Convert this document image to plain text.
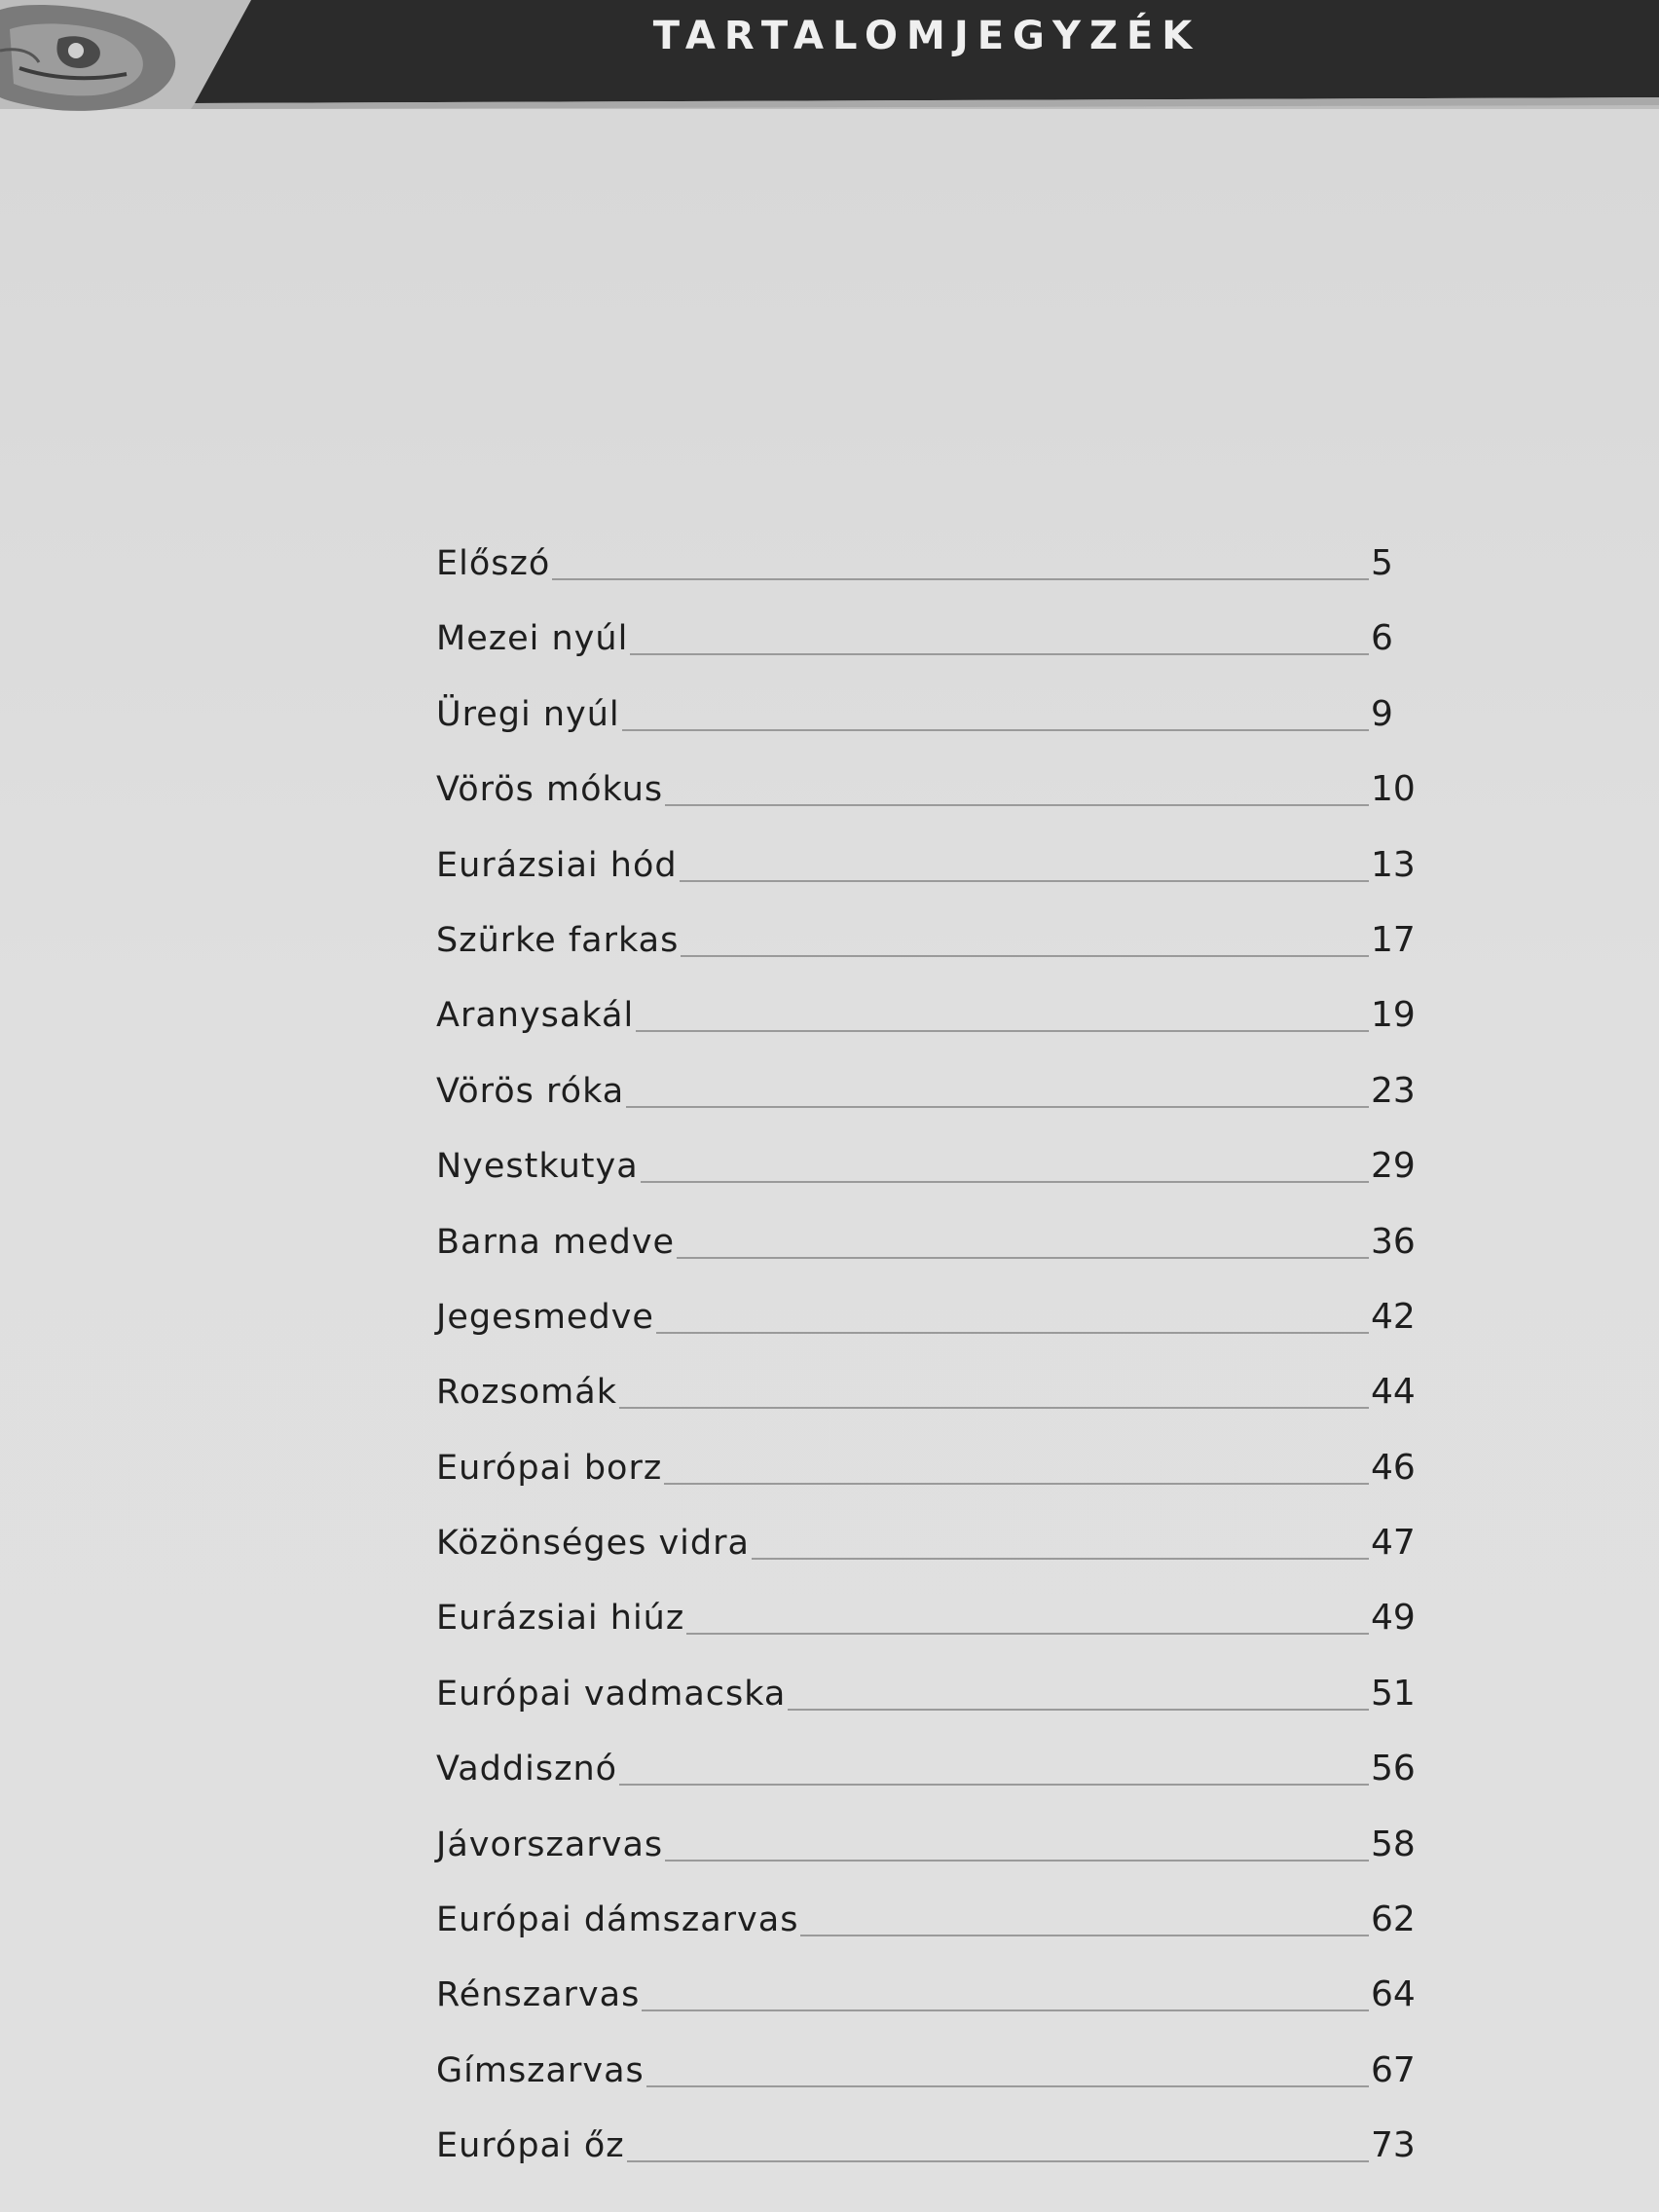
TARTALOMJEGYZÉK
Előszó	5
Mezei nyúl	6
Üregi nyúl	9
Vörös mókus	10
Eurázsiai hód	13
Szürke farkas	17
Aranysakál	19
Vörös róka	23
Nyestkutya	29
Barna medve	36
Jegesmedve	42
Rozsomák	44
Európai borz	46
Közönséges vidra	47
Eurázsiai hiúz	49
Európai vadmacska	51
Vaddisznó	56
Jávorszarvas	58
Európai dámszarvas	62
Rénszarvas	64
Gímszarvas	67
Európai őz	73
